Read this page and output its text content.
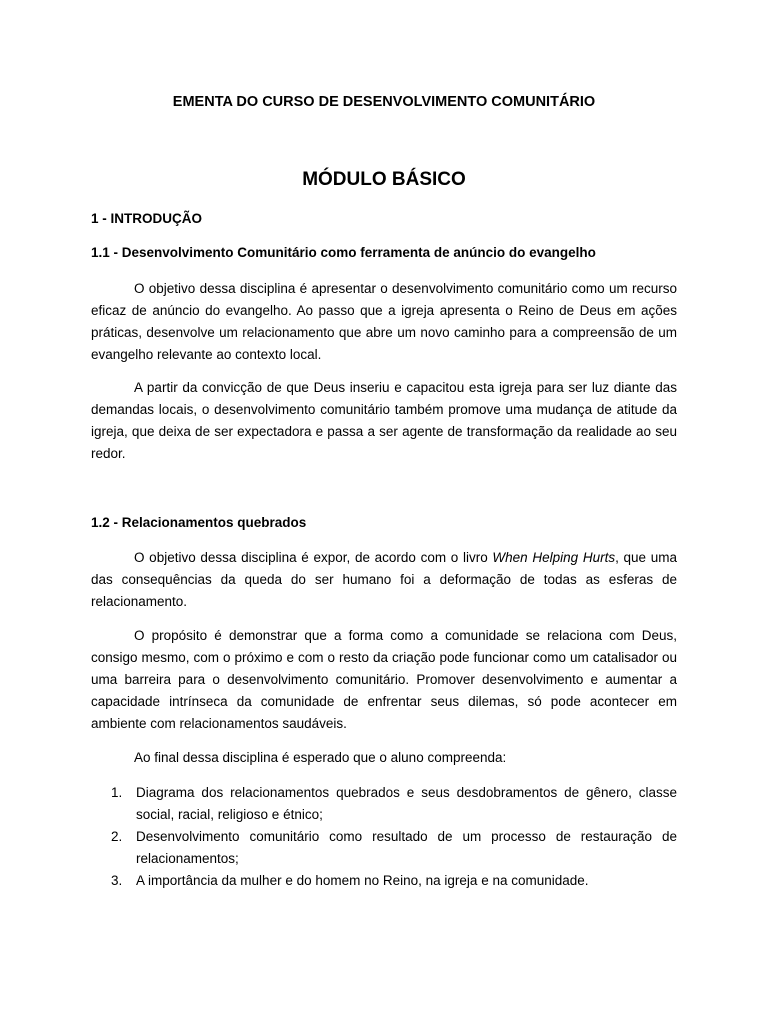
EMENTA DO CURSO DE DESENVOLVIMENTO COMUNITÁRIO

MÓDULO BÁSICO

1 - INTRODUÇÃO

1.1 - Desenvolvimento Comunitário como ferramenta de anúncio do evangelho

O objetivo dessa disciplina é apresentar o desenvolvimento comunitário como um recurso eficaz de anúncio do evangelho. Ao passo que a igreja apresenta o Reino de Deus em ações práticas, desenvolve um relacionamento que abre um novo caminho para a compreensão de um evangelho relevante ao contexto local.

A partir da convicção de que Deus inseriu e capacitou esta igreja para ser luz diante das demandas locais, o desenvolvimento comunitário também promove uma mudança de atitude da igreja, que deixa de ser expectadora e passa a ser agente de transformação da realidade ao seu redor.

1.2 - Relacionamentos quebrados

O objetivo dessa disciplina é expor, de acordo com o livro When Helping Hurts, que uma das consequências da queda do ser humano foi a deformação de todas as esferas de relacionamento.

O propósito é demonstrar que a forma como a comunidade se relaciona com Deus, consigo mesmo, com o próximo e com o resto da criação pode funcionar como um catalisador ou uma barreira para o desenvolvimento comunitário. Promover desenvolvimento e aumentar a capacidade intrínseca da comunidade de enfrentar seus dilemas, só pode acontecer em ambiente com relacionamentos saudáveis.

Ao final dessa disciplina é esperado que o aluno compreenda:

1. Diagrama dos relacionamentos quebrados e seus desdobramentos de gênero, classe social, racial, religioso e étnico;
2. Desenvolvimento comunitário como resultado de um processo de restauração de relacionamentos;
3. A importância da mulher e do homem no Reino, na igreja e na comunidade.
